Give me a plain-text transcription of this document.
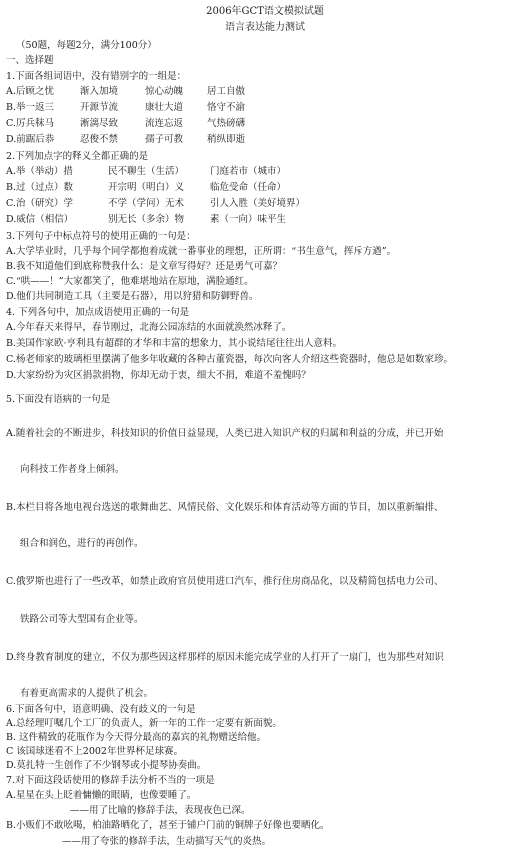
2006年GCT语文模拟试题
语言表达能力测试
（50题，每题2分，满分100分）
一、选择题
1.下面各组词语中，没有错别字的一组是：
A.后顾之忧	渐入加境	惊心动魄	居工自傲
B.举一返三	开源节流	康壮大道	恪守不渝
C.厉兵秣马	淅漓尽致	流连忘返	气热磅礴
D.前踞后恭	忍俊不禁	孺子可教	稍纵即逝
2.下列加点字的释义全都正确的是
A.举（举动）措	民不聊生（生活）	门庭若市（城市）
B.过（过点）数	开宗明（明白）义	临危受命（任命）
C.治（研究）学	不学（学问）无术	引人入胜（美好境界）
D.威信（相信）	别无长（多余）物	素（一向）味平生
3.下列句子中标点符号的使用正确的一句是：
A.大学毕业时，几乎每个同学都抱着成就一番事业的理想，正所谓：“书生意气，挥斥方遒”。
B.我不知道他们到底称赞我什么：是文章写得好？还是勇气可嘉？
C.“哄——！”大家都笑了，他难堪地站在原地，满脸通红。
D.他们共同制造工具（主要是石器），用以狩猎和防御野兽。
4. 下列各句中，加点成语使用正确的一句是
A.今年春天来得早，春节刚过，北海公园冻结的水面就涣然冰释了。
B.美国作家欧·亨利具有超群的才华和丰富的想象力，其小说结尾往往出人意料。
C.杨老师家的玻璃柜里摆满了他多年收藏的各种古董瓷器，每次向客人介绍这些瓷器时，他总是如数家珍。
D.大家纷纷为灾区捐款捐物，你却无动于衷，细大不捐，难道不羞愧吗？
5.下面没有语病的一句是
A.随着社会的不断进步，科技知识的价值日益显现，人类已进入知识产权的归属和利益的分成，并已开始
向科技工作者身上倾斜。
B.本栏目将各地电视台选送的歌舞曲艺、风情民俗、文化娱乐和体育活动等方面的节目，加以重新编排、
组合和润色，进行的再创作。
C.俄罗斯也进行了一些改革，如禁止政府官员使用进口汽车，推行住房商品化，以及精简包括电力公司、
铁路公司等大型国有企业等。
D.终身教育制度的建立，不仅为那些因这样那样的原因未能完成学业的人打开了一扇门，也为那些对知识
有着更高需求的人提供了机会。
6.下面各句中，语意明确、没有歧义的一句是
A.总经理叮嘱几个工厂的负责人，新一年的工作一定要有新面貌。
B. 这件精致的花瓶作为今天得分最高的嘉宾的礼物赠送给他。
C 该国球迷看不上2002年世界杯足球赛。
D.莫扎特一生创作了不少钢琴或小提琴协奏曲。
7.对下面这段话使用的修辞手法分析不当的一项是
A.星星在头上眨着慵懒的眼睛，也像要睡了。
——用了比喻的修辞手法，表现夜色已深。
B.小贩们不敢吆喝，柏油路晒化了，甚至于铺户门前的铜牌子好像也要晒化。
——用了夸张的修辞手法，生动描写天气的炎热。
